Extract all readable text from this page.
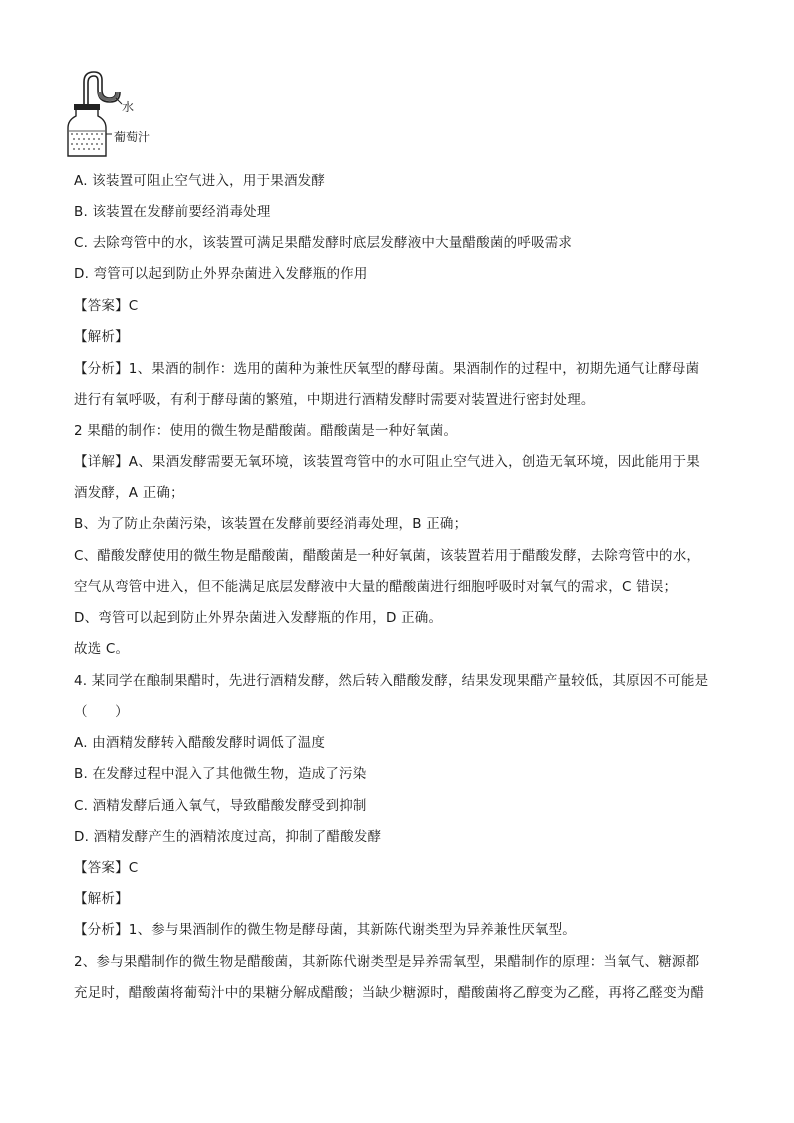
水
葡萄汁
A. 该装置可阻止空气进入，用于果酒发酵
B. 该装置在发酵前要经消毒处理
C. 去除弯管中的水，该装置可满足果醋发酵时底层发酵液中大量醋酸菌的呼吸需求
D. 弯管可以起到防止外界杂菌进入发酵瓶的作用
【答案】C
【解析】
【分析】1、果酒的制作：选用的菌种为兼性厌氧型的酵母菌。果酒制作的过程中，初期先通气让酵母菌
进行有氧呼吸，有利于酵母菌的繁殖，中期进行酒精发酵时需要对装置进行密封处理。
2 果醋的制作：使用的微生物是醋酸菌。醋酸菌是一种好氧菌。
【详解】A、果酒发酵需要无氧环境，该装置弯管中的水可阻止空气进入，创造无氧环境，因此能用于果
酒发酵，A 正确；
B、为了防止杂菌污染，该装置在发酵前要经消毒处理，B 正确；
C、醋酸发酵使用的微生物是醋酸菌，醋酸菌是一种好氧菌，该装置若用于醋酸发酵，去除弯管中的水，
空气从弯管中进入，但不能满足底层发酵液中大量的醋酸菌进行细胞呼吸时对氧气的需求，C 错误；
D、弯管可以起到防止外界杂菌进入发酵瓶的作用，D 正确。
故选 C。
4. 某同学在酿制果醋时，先进行酒精发酵，然后转入醋酸发酵，结果发现果醋产量较低，其原因不可能是
（　　）
A. 由酒精发酵转入醋酸发酵时调低了温度
B. 在发酵过程中混入了其他微生物，造成了污染
C. 酒精发酵后通入氧气，导致醋酸发酵受到抑制
D. 酒精发酵产生的酒精浓度过高，抑制了醋酸发酵
【答案】C
【解析】
【分析】1、参与果酒制作的微生物是酵母菌，其新陈代谢类型为异养兼性厌氧型。
2、参与果醋制作的微生物是醋酸菌，其新陈代谢类型是异养需氧型，果醋制作的原理：当氧气、糖源都
充足时，醋酸菌将葡萄汁中的果糖分解成醋酸；当缺少糖源时，醋酸菌将乙醇变为乙醛，再将乙醛变为醋
